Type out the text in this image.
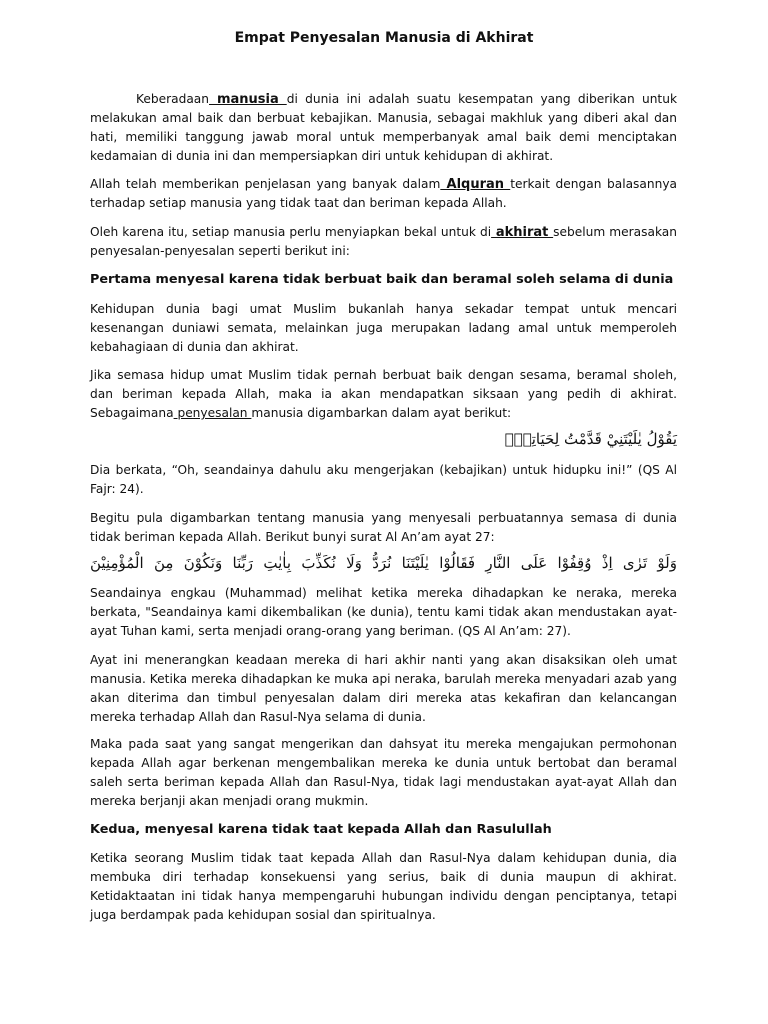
Empat Penyesalan Manusia di Akhirat

Keberadaan manusia di dunia ini adalah suatu kesempatan yang diberikan untuk melakukan amal baik dan berbuat kebajikan. Manusia, sebagai makhluk yang diberi akal dan hati, memiliki tanggung jawab moral untuk memperbanyak amal baik demi menciptakan kedamaian di dunia ini dan mempersiapkan diri untuk kehidupan di akhirat.

Allah telah memberikan penjelasan yang banyak dalam Alquran terkait dengan balasannya terhadap setiap manusia yang tidak taat dan beriman kepada Allah.

Oleh karena itu, setiap manusia perlu menyiapkan bekal untuk di akhirat sebelum merasakan penyesalan-penyesalan seperti berikut ini:

Pertama menyesal karena tidak berbuat baik dan beramal soleh selama di dunia

Kehidupan dunia bagi umat Muslim bukanlah hanya sekadar tempat untuk mencari kesenangan duniawi semata, melainkan juga merupakan ladang amal untuk memperoleh kebahagiaan di dunia dan akhirat.

Jika semasa hidup umat Muslim tidak pernah berbuat baik dengan sesama, beramal sholeh, dan beriman kepada Allah, maka ia akan mendapatkan siksaan yang pedih di akhirat. Sebagaimana penyesalan manusia digambarkan dalam ayat berikut:

يَقُوْلُ يٰلَيْتَنِيْ قَدَّمْتُ لِحَيَاتِيْۚ

Dia berkata, “Oh, seandainya dahulu aku mengerjakan (kebajikan) untuk hidupku ini!” (QS Al Fajr: 24).

Begitu pula digambarkan tentang manusia yang menyesali perbuatannya semasa di dunia tidak beriman kepada Allah. Berikut bunyi surat Al An’am ayat 27:

وَلَوْ تَرٰى اِذْ وُقِفُوْا عَلَى النَّارِ فَقَالُوْا يٰلَيْتَنَا نُرَدُّ وَلَا نُكَذِّبَ بِاٰيٰتِ رَبِّنَا وَنَكُوْنَ مِنَ الْمُؤْمِنِيْنَ

Seandainya engkau (Muhammad) melihat ketika mereka dihadapkan ke neraka, mereka berkata, "Seandainya kami dikembalikan (ke dunia), tentu kami tidak akan mendustakan ayat-ayat Tuhan kami, serta menjadi orang-orang yang beriman. (QS Al An’am: 27).

Ayat ini menerangkan keadaan mereka di hari akhir nanti yang akan disaksikan oleh umat manusia. Ketika mereka dihadapkan ke muka api neraka, barulah mereka menyadari azab yang akan diterima dan timbul penyesalan dalam diri mereka atas kekafiran dan kelancangan mereka terhadap Allah dan Rasul-Nya selama di dunia.

Maka pada saat yang sangat mengerikan dan dahsyat itu mereka mengajukan permohonan kepada Allah agar berkenan mengembalikan mereka ke dunia untuk bertobat dan beramal saleh serta beriman kepada Allah dan Rasul-Nya, tidak lagi mendustakan ayat-ayat Allah dan mereka berjanji akan menjadi orang mukmin.

Kedua, menyesal karena tidak taat kepada Allah dan Rasulullah

Ketika seorang Muslim tidak taat kepada Allah dan Rasul-Nya dalam kehidupan dunia, dia membuka diri terhadap konsekuensi yang serius, baik di dunia maupun di akhirat. Ketidaktaatan ini tidak hanya mempengaruhi hubungan individu dengan penciptanya, tetapi juga berdampak pada kehidupan sosial dan spiritualnya.
